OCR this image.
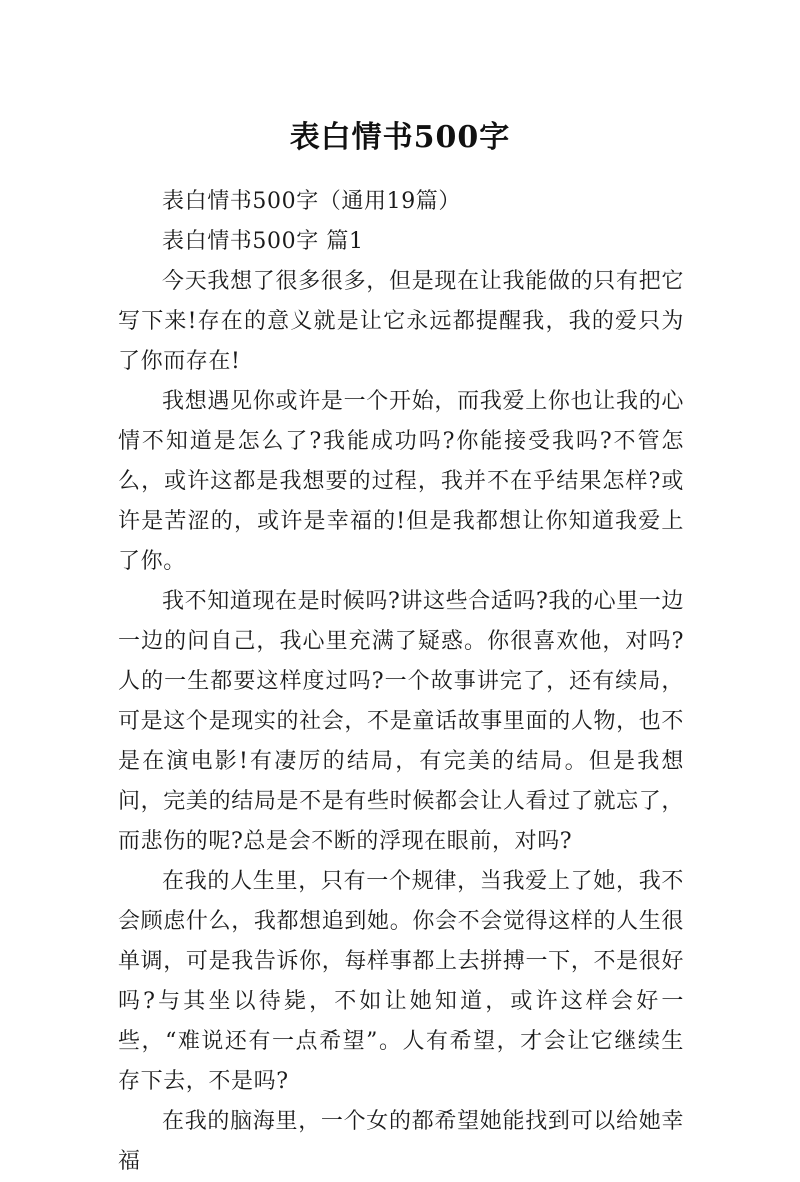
表白情书500字

表白情书500字（通用19篇）

表白情书500字 篇1

今天我想了很多很多，但是现在让我能做的只有把它写下来!存在的意义就是让它永远都提醒我，我的爱只为了你而存在!

我想遇见你或许是一个开始，而我爱上你也让我的心情不知道是怎么了?我能成功吗?你能接受我吗?不管怎么，或许这都是我想要的过程，我并不在乎结果怎样?或许是苦涩的，或许是幸福的!但是我都想让你知道我爱上了你。

我不知道现在是时候吗?讲这些合适吗?我的心里一边一边的问自己，我心里充满了疑惑。你很喜欢他，对吗?人的一生都要这样度过吗?一个故事讲完了，还有续局，可是这个是现实的社会，不是童话故事里面的人物，也不是在演电影!有凄厉的结局，有完美的结局。但是我想问，完美的结局是不是有些时候都会让人看过了就忘了，而悲伤的呢?总是会不断的浮现在眼前，对吗?

在我的人生里，只有一个规律，当我爱上了她，我不会顾虑什么，我都想追到她。你会不会觉得这样的人生很单调，可是我告诉你，每样事都上去拼搏一下，不是很好吗?与其坐以待毙，不如让她知道，或许这样会好一些，“难说还有一点希望”。人有希望，才会让它继续生存下去，不是吗?

在我的脑海里，一个女的都希望她能找到可以给她幸福
